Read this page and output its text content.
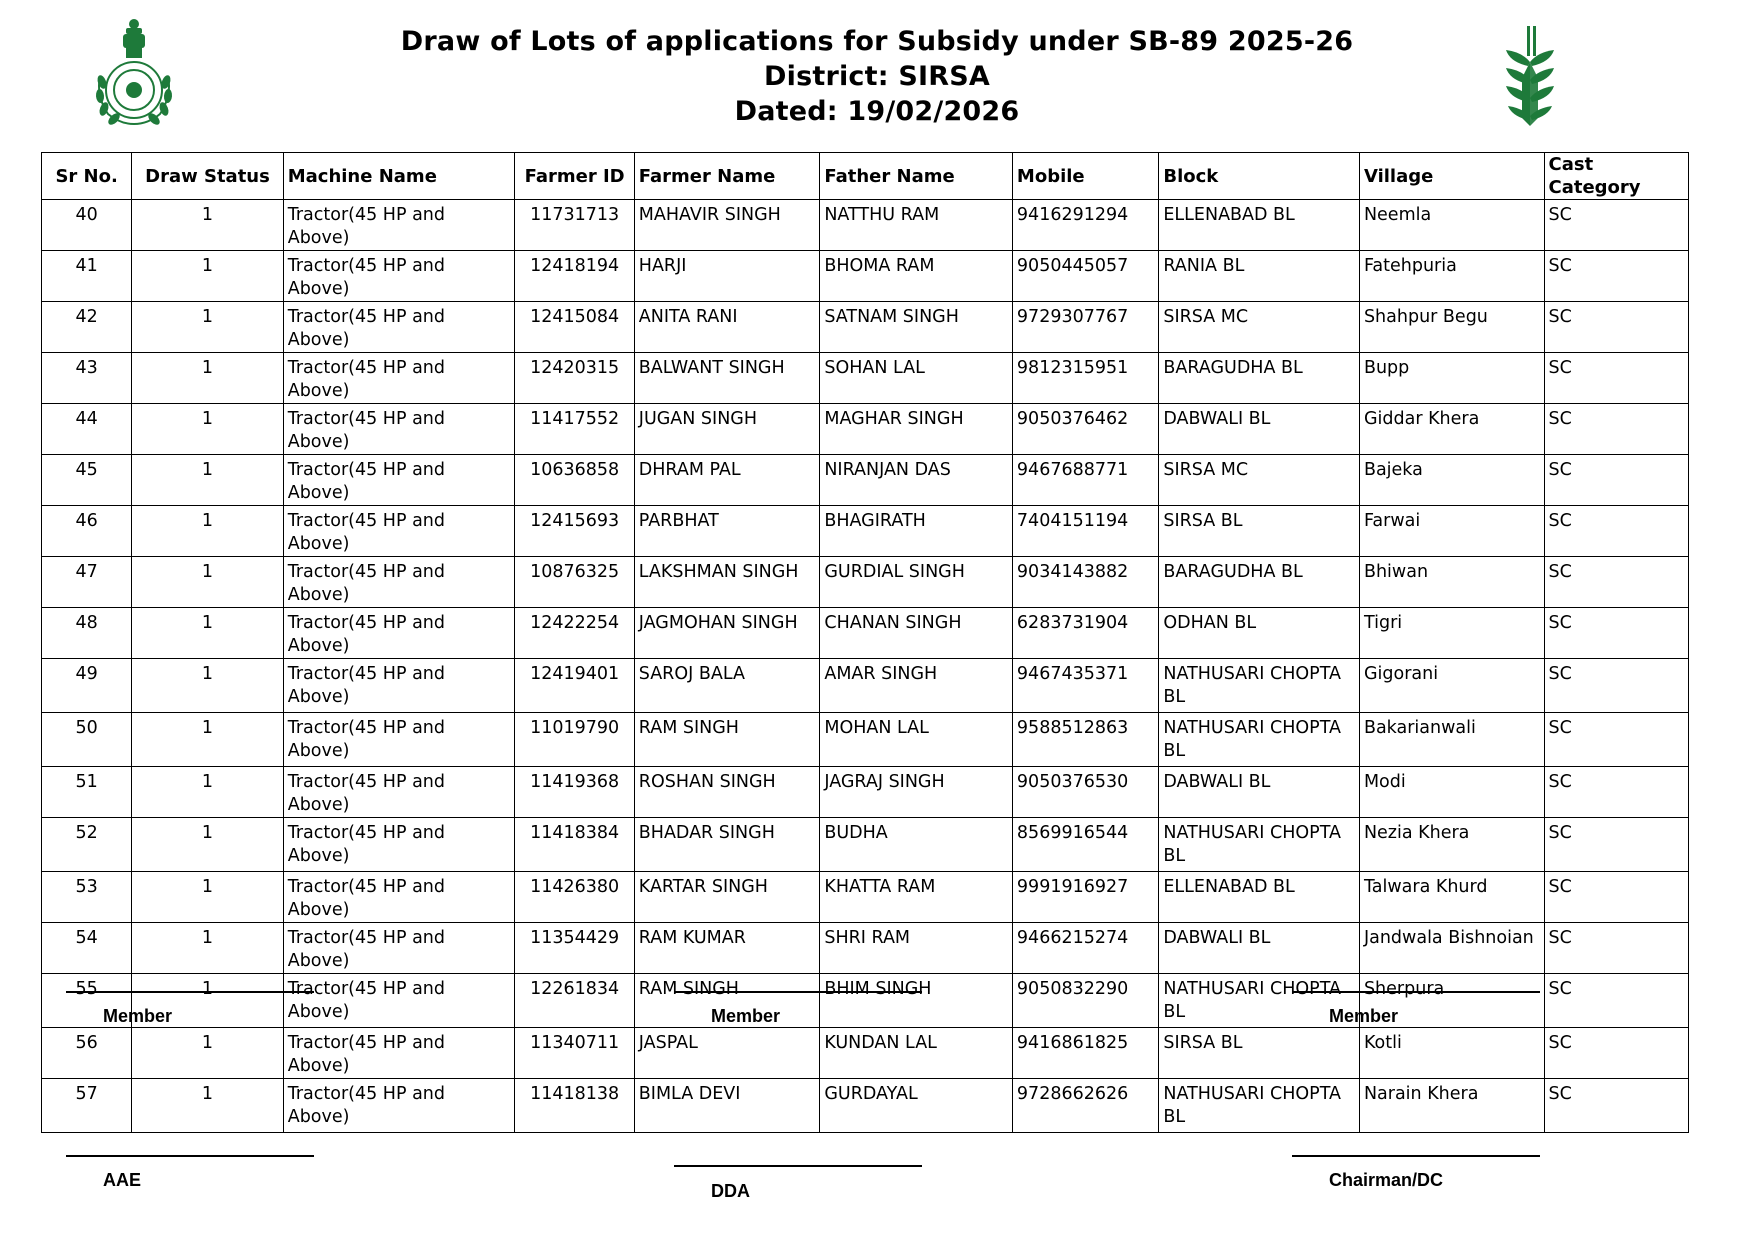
Draw of Lots of applications for Subsidy under SB-89 2025-26
District: SIRSA
Dated: 19/02/2026
Sr No.	Draw Status	Machine Name	Farmer ID	Farmer Name	Father Name	Mobile	Block	Village	Cast Category
40	1	Tractor(45 HP and Above)	11731713	MAHAVIR SINGH	NATTHU RAM	9416291294	ELLENABAD BL	Neemla	SC
41	1	Tractor(45 HP and Above)	12418194	HARJI	BHOMA RAM	9050445057	RANIA BL	Fatehpuria	SC
42	1	Tractor(45 HP and Above)	12415084	ANITA RANI	SATNAM SINGH	9729307767	SIRSA MC	Shahpur Begu	SC
43	1	Tractor(45 HP and Above)	12420315	BALWANT SINGH	SOHAN LAL	9812315951	BARAGUDHA BL	Bupp	SC
44	1	Tractor(45 HP and Above)	11417552	JUGAN SINGH	MAGHAR SINGH	9050376462	DABWALI BL	Giddar Khera	SC
45	1	Tractor(45 HP and Above)	10636858	DHRAM PAL	NIRANJAN DAS	9467688771	SIRSA MC	Bajeka	SC
46	1	Tractor(45 HP and Above)	12415693	PARBHAT	BHAGIRATH	7404151194	SIRSA BL	Farwai	SC
47	1	Tractor(45 HP and Above)	10876325	LAKSHMAN SINGH	GURDIAL SINGH	9034143882	BARAGUDHA BL	Bhiwan	SC
48	1	Tractor(45 HP and Above)	12422254	JAGMOHAN SINGH	CHANAN SINGH	6283731904	ODHAN BL	Tigri	SC
49	1	Tractor(45 HP and Above)	12419401	SAROJ BALA	AMAR SINGH	9467435371	NATHUSARI CHOPTA BL	Gigorani	SC
50	1	Tractor(45 HP and Above)	11019790	RAM SINGH	MOHAN LAL	9588512863	NATHUSARI CHOPTA BL	Bakarianwali	SC
51	1	Tractor(45 HP and Above)	11419368	ROSHAN SINGH	JAGRAJ SINGH	9050376530	DABWALI BL	Modi	SC
52	1	Tractor(45 HP and Above)	11418384	BHADAR SINGH	BUDHA	8569916544	NATHUSARI CHOPTA BL	Nezia Khera	SC
53	1	Tractor(45 HP and Above)	11426380	KARTAR SINGH	KHATTA RAM	9991916927	ELLENABAD BL	Talwara Khurd	SC
54	1	Tractor(45 HP and Above)	11354429	RAM KUMAR	SHRI RAM	9466215274	DABWALI BL	Jandwala Bishnoian	SC
55	1	Tractor(45 HP and Above)	12261834	RAM SINGH	BHIM SINGH	9050832290	NATHUSARI CHOPTA BL	Sherpura	SC
56	1	Tractor(45 HP and Above)	11340711	JASPAL	KUNDAN LAL	9416861825	SIRSA BL	Kotli	SC
57	1	Tractor(45 HP and Above)	11418138	BIMLA DEVI	GURDAYAL	9728662626	NATHUSARI CHOPTA BL	Narain Khera	SC
Member	Member	Member
AAE
DDA
Chairman/DC
